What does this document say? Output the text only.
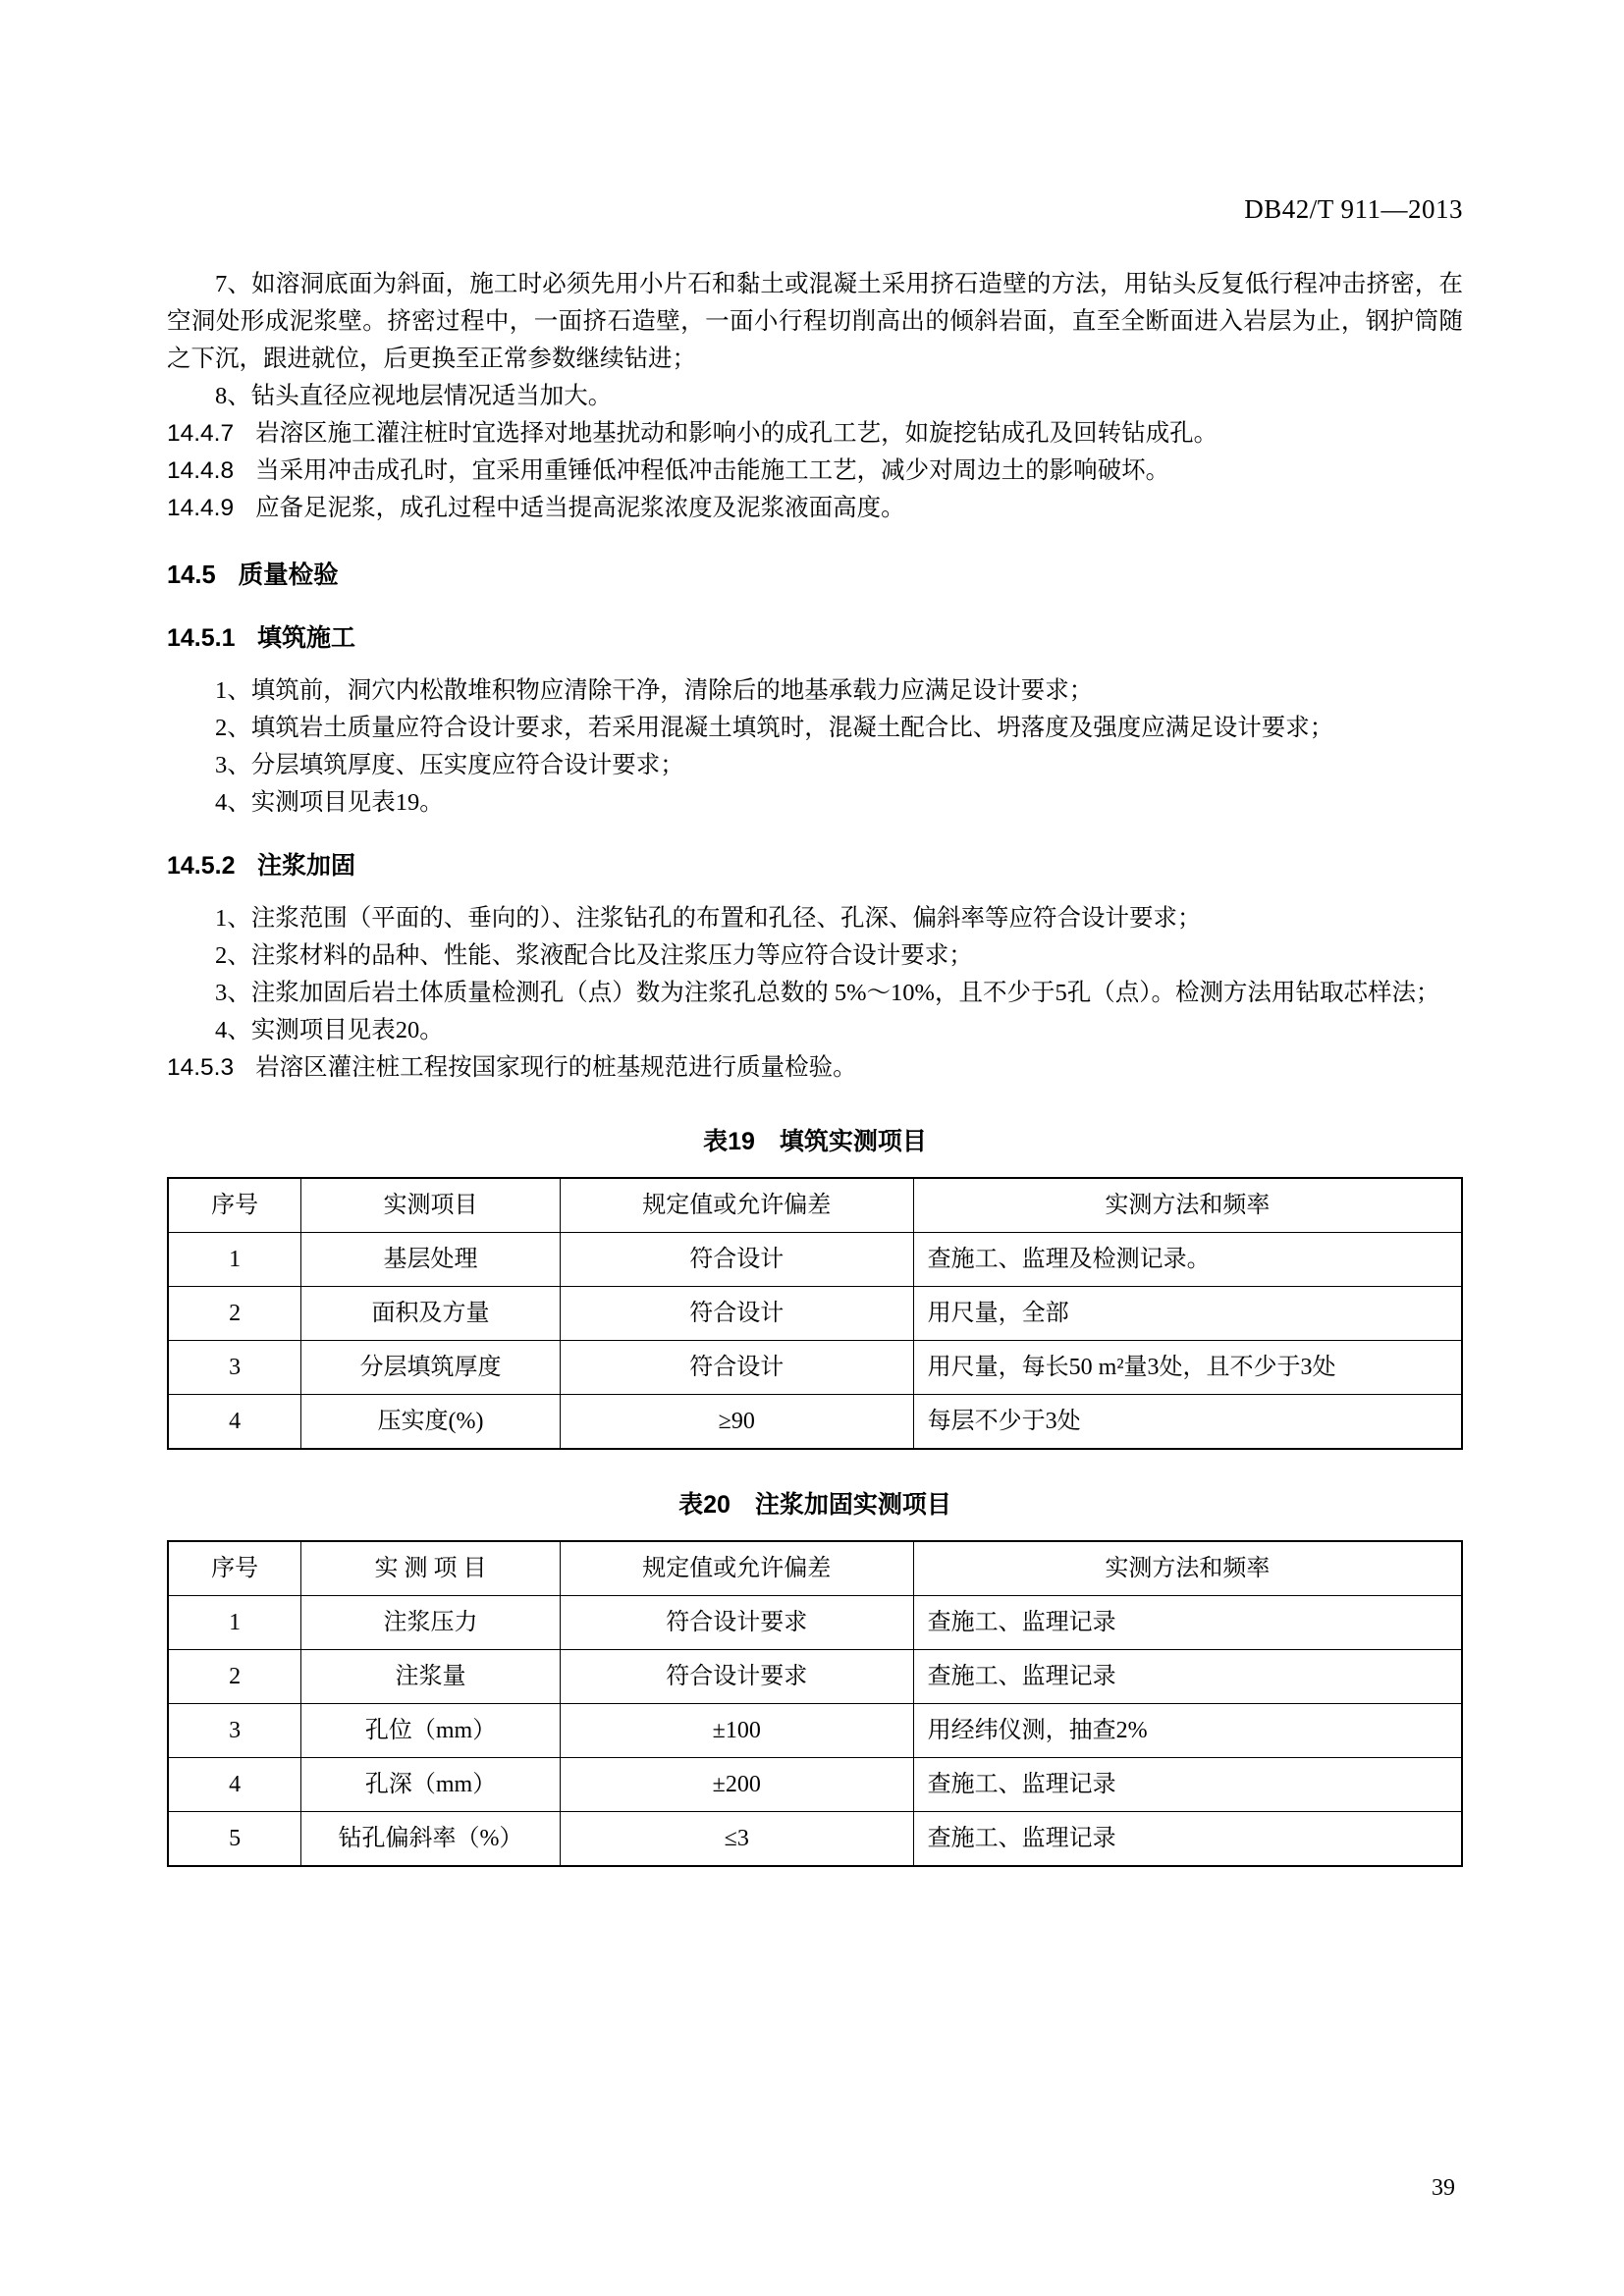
DB42/T 911—2013

7、如溶洞底面为斜面，施工时必须先用小片石和黏土或混凝土采用挤石造壁的方法，用钻头反复低行程冲击挤密，在空洞处形成泥浆壁。挤密过程中，一面挤石造壁，一面小行程切削高出的倾斜岩面，直至全断面进入岩层为止，钢护筒随之下沉，跟进就位，后更换至正常参数继续钻进；

8、钻头直径应视地层情况适当加大。

14.4.7 岩溶区施工灌注桩时宜选择对地基扰动和影响小的成孔工艺，如旋挖钻成孔及回转钻成孔。

14.4.8 当采用冲击成孔时，宜采用重锤低冲程低冲击能施工工艺，减少对周边土的影响破坏。

14.4.9 应备足泥浆，成孔过程中适当提高泥浆浓度及泥浆液面高度。

14.5 质量检验
14.5.1 填筑施工

1、填筑前，洞穴内松散堆积物应清除干净，清除后的地基承载力应满足设计要求；

2、填筑岩土质量应符合设计要求，若采用混凝土填筑时，混凝土配合比、坍落度及强度应满足设计要求；

3、分层填筑厚度、压实度应符合设计要求；

4、实测项目见表19。

14.5.2 注浆加固

1、注浆范围（平面的、垂向的）、注浆钻孔的布置和孔径、孔深、偏斜率等应符合设计要求；

2、注浆材料的品种、性能、浆液配合比及注浆压力等应符合设计要求；

3、注浆加固后岩土体质量检测孔（点）数为注浆孔总数的 5%～10%，且不少于5孔（点）。检测方法用钻取芯样法；

4、实测项目见表20。

14.5.3 岩溶区灌注桩工程按国家现行的桩基规范进行质量检验。

表19　填筑实测项目
序号	实测项目	规定值或允许偏差	实测方法和频率
1	基层处理	符合设计	查施工、监理及检测记录。
2	面积及方量	符合设计	用尺量，全部
3	分层填筑厚度	符合设计	用尺量，每长50 m²量3处，且不少于3处
4	压实度(%)	≥90	每层不少于3处
表20　注浆加固实测项目
序号	实 测 项 目	规定值或允许偏差	实测方法和频率
1	注浆压力	符合设计要求	查施工、监理记录
2	注浆量	符合设计要求	查施工、监理记录
3	孔位（mm）	±100	用经纬仪测，抽查2%
4	孔深（mm）	±200	查施工、监理记录
5	钻孔偏斜率（%）	≤3	查施工、监理记录
39
